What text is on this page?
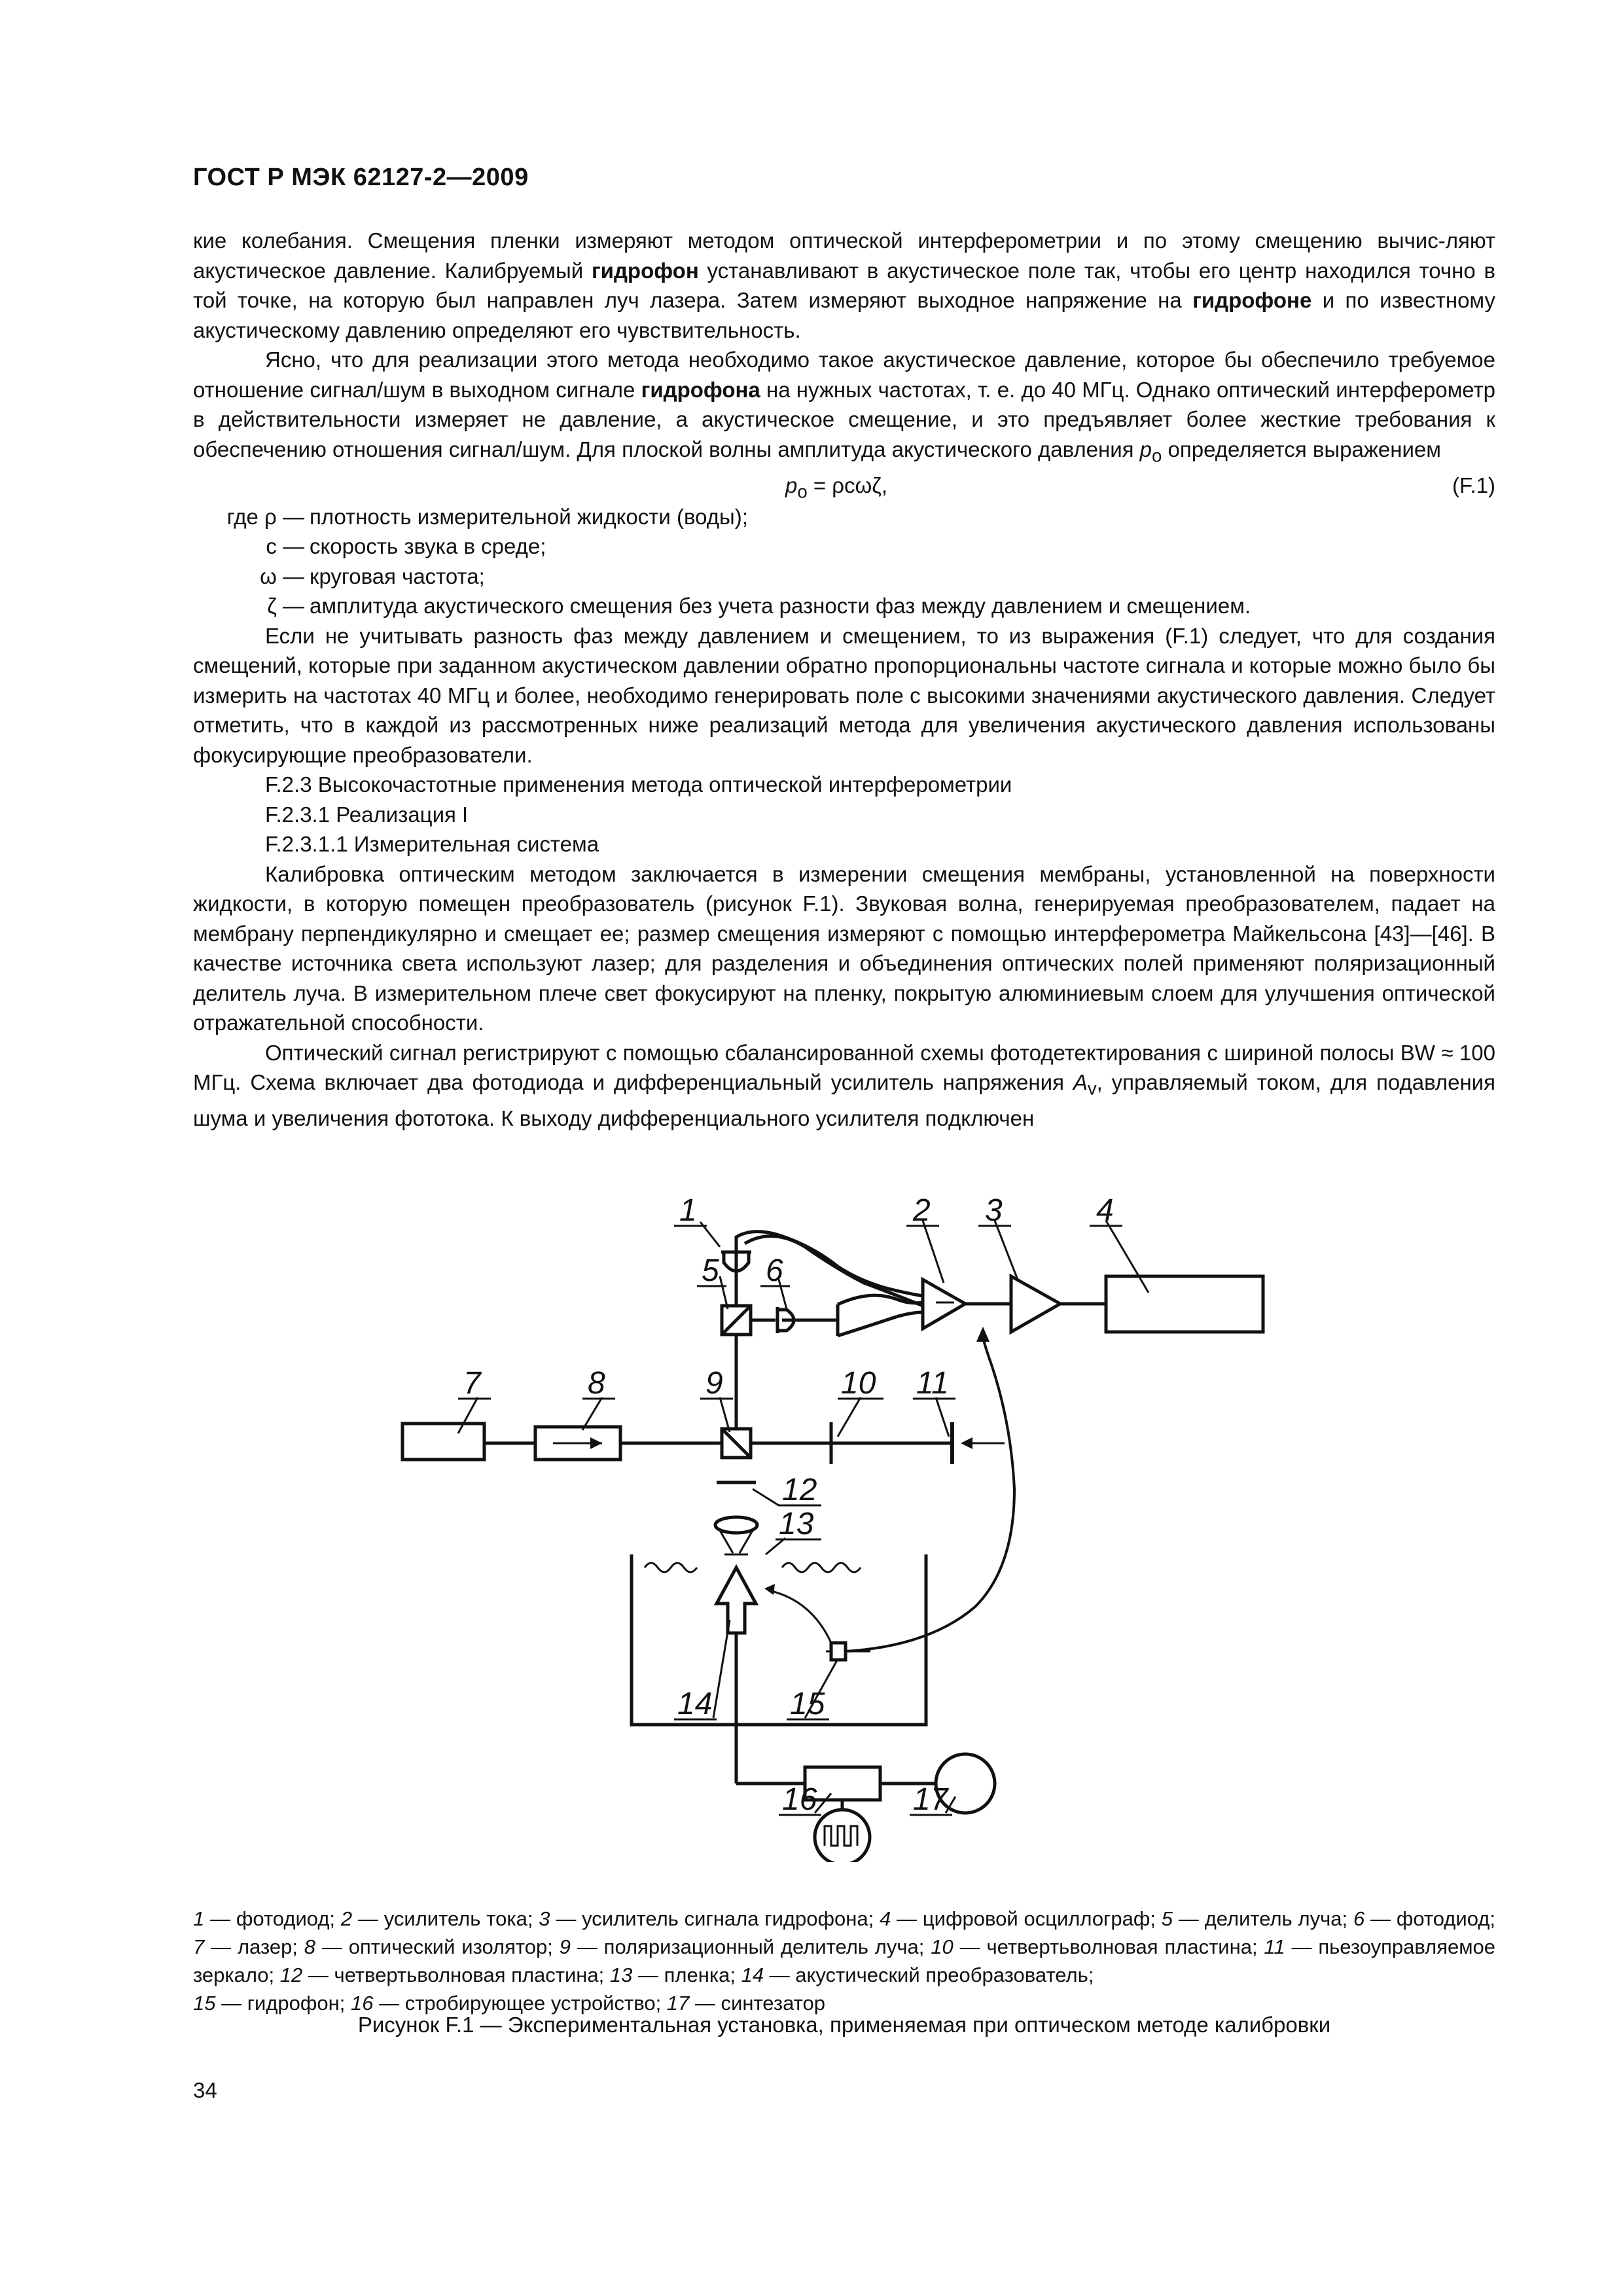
ГОСТ Р МЭК 62127-2—2009

кие колебания. Смещения пленки измеряют методом оптической интерферометрии и по этому смещению вычис-ляют акустическое давление. Калибруемый гидрофон устанавливают в акустическое поле так, чтобы его центр находился точно в той точке, на которую был направлен луч лазера. Затем измеряют выходное напряжение на гидрофоне и по известному акустическому давлению определяют его чувствительность.

Ясно, что для реализации этого метода необходимо такое акустическое давление, которое бы обеспечило требуемое отношение сигнал/шум в выходном сигнале гидрофона на нужных частотах, т. е. до 40 МГц. Однако оптический интерферометр в действительности измеряет не давление, а акустическое смещение, и это предъявляет более жесткие требования к обеспечению отношения сигнал/шум. Для плоской волны амплитуда акустического давления $p_o$ определяется выражением

$p_o = \rho c\omega\zeta$,	(F.1)
где ρ — плотность измерительной жидкости (воды);
c — скорость звука в среде;
ω — круговая частота;
ζ — амплитуда акустического смещения без учета разности фаз между давлением и смещением.

Если не учитывать разность фаз между давлением и смещением, то из выражения (F.1) следует, что для создания смещений, которые при заданном акустическом давлении обратно пропорциональны частоте сигнала и которые можно было бы измерить на частотах 40 МГц и более, необходимо генерировать поле с высокими значениями акустического давления. Следует отметить, что в каждой из рассмотренных ниже реализаций метода для увеличения акустического давления использованы фокусирующие преобразователи.

F.2.3 Высокочастотные применения метода оптической интерферометрии

F.2.3.1 Реализация I

F.2.3.1.1 Измерительная система

Калибровка оптическим методом заключается в измерении смещения мембраны, установленной на поверхности жидкости, в которую помещен преобразователь (рисунок F.1). Звуковая волна, генерируемая преобразователем, падает на мембрану перпендикулярно и смещает ее; размер смещения измеряют с помощью интерферометра Майкельсона [43]—[46]. В качестве источника света используют лазер; для разделения и объединения оптических полей применяют поляризационный делитель луча. В измерительном плече свет фокусируют на пленку, покрытую алюминиевым слоем для улучшения оптической отражательной способности.

Оптический сигнал регистрируют с помощью сбалансированной схемы фотодетектирования с шириной полосы BW ≈ 100 МГц. Схема включает два фотодиода и дифференциальный усилитель напряжения $A_v$, управляемый током, для подавления шума и увеличения фототока. К выходу дифференциального усилителя подключен

1	2 3	4
5 6
7	8	9	10 11
12
13
14 15
16	17
1 — фотодиод; 2 — усилитель тока; 3 — усилитель сигнала гидрофона; 4 — цифровой осциллограф; 5 — делитель луча; 6 — фотодиод; 7 — лазер; 8 — оптический изолятор; 9 — поляризационный делитель луча; 10 — четвертьволновая пластина; 11 — пьезоуправляемое зеркало; 12 — четвертьволновая пластина; 13 — пленка; 14 — акустический преобразователь;
15 — гидрофон; 16 — стробирующее устройство; 17 — синтезатор
Рисунок F.1 — Экспериментальная установка, применяемая при оптическом методе калибровки
34
